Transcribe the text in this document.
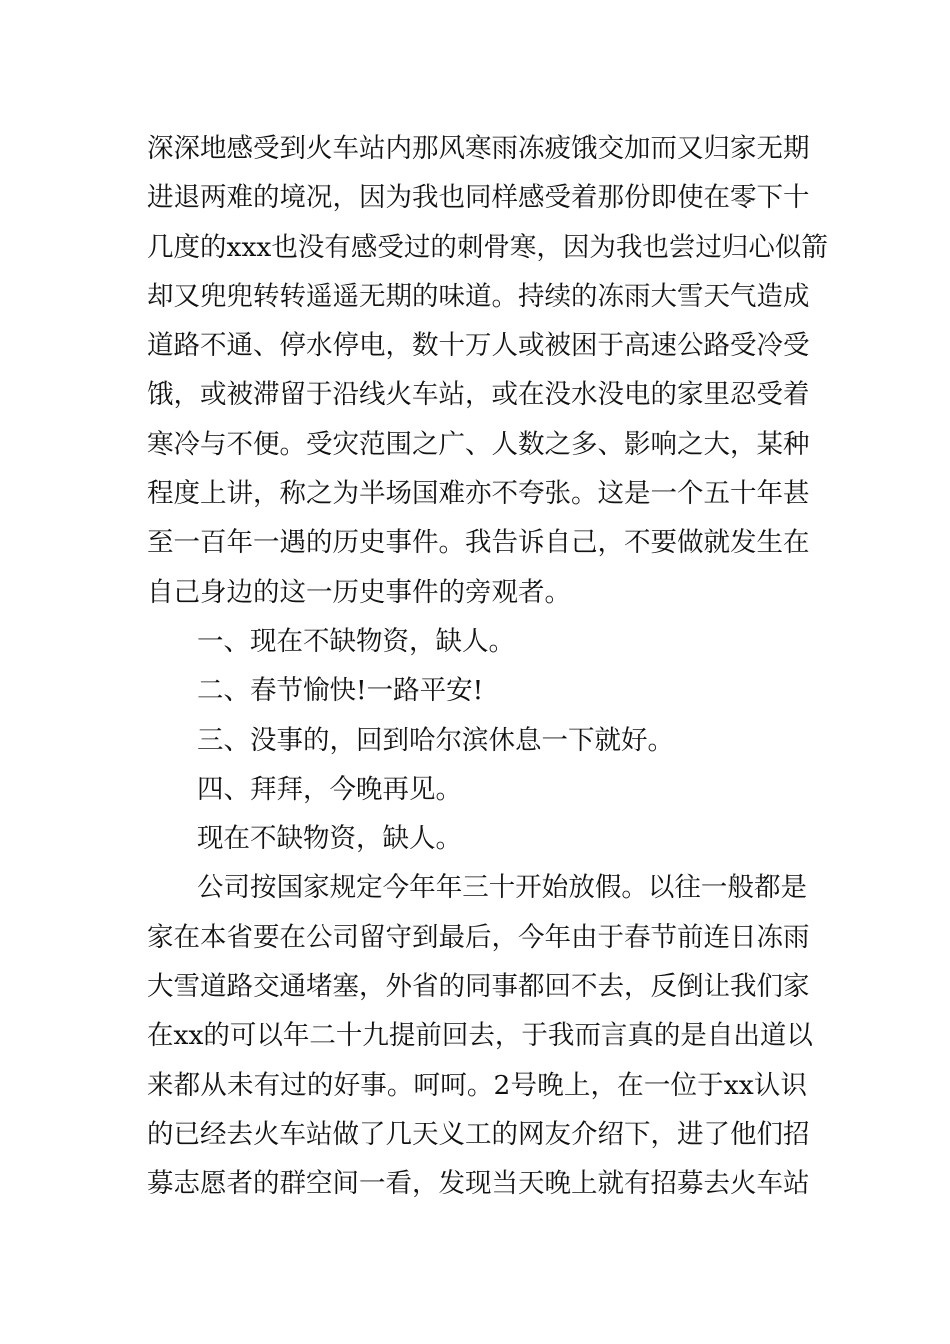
深深地感受到火车站内那风寒雨冻疲饿交加而又归家无期
进退两难的境况，因为我也同样感受着那份即使在零下十
几度的xxx也没有感受过的刺骨寒，因为我也尝过归心似箭
却又兜兜转转遥遥无期的味道。持续的冻雨大雪天气造成
道路不通、停水停电，数十万人或被困于高速公路受冷受
饿，或被滞留于沿线火车站，或在没水没电的家里忍受着
寒冷与不便。受灾范围之广、人数之多、影响之大，某种
程度上讲，称之为半场国难亦不夸张。这是一个五十年甚
至一百年一遇的历史事件。我告诉自己，不要做就发生在
自己身边的这一历史事件的旁观者。
一、现在不缺物资，缺人。
二、春节愉快!一路平安!
三、没事的，回到哈尔滨休息一下就好。
四、拜拜，今晚再见。
现在不缺物资，缺人。
公司按国家规定今年年三十开始放假。以往一般都是
家在本省要在公司留守到最后，今年由于春节前连日冻雨
大雪道路交通堵塞，外省的同事都回不去，反倒让我们家
在xx的可以年二十九提前回去，于我而言真的是自出道以
来都从未有过的好事。呵呵。2号晚上，在一位于xx认识
的已经去火车站做了几天义工的网友介绍下，进了他们招
募志愿者的群空间一看，发现当天晚上就有招募去火车站
